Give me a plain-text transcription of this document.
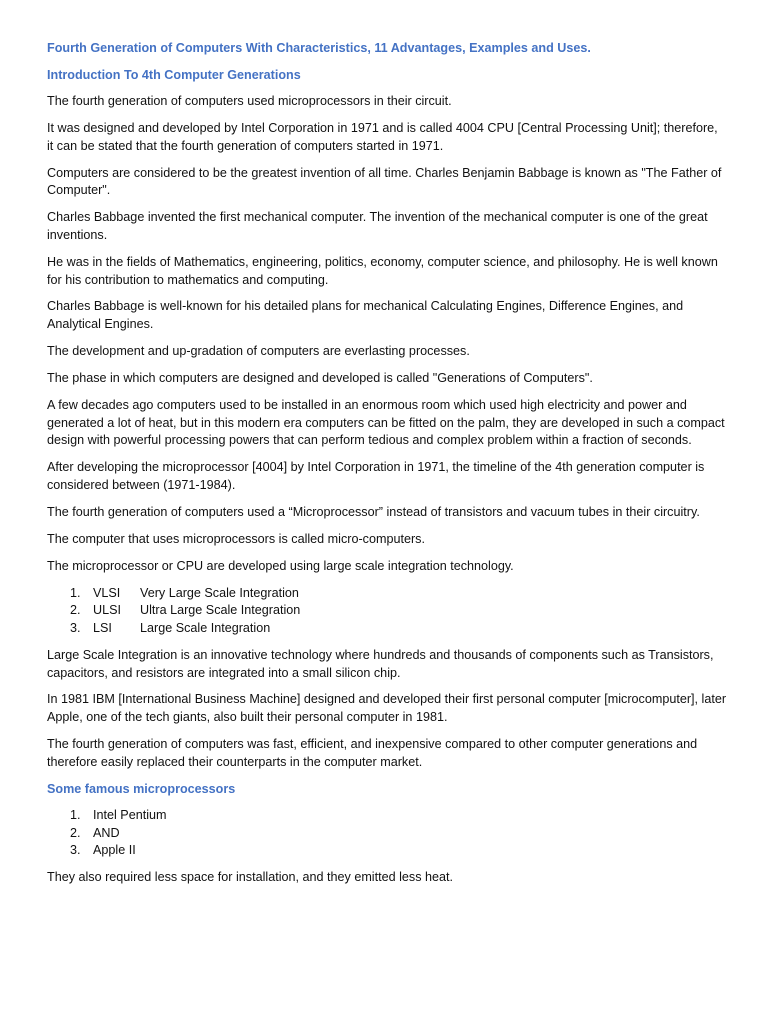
Fourth Generation of Computers With Characteristics, 11 Advantages, Examples and Uses.

Introduction To 4th Computer Generations

The fourth generation of computers used microprocessors in their circuit.

It was designed and developed by Intel Corporation in 1971 and is called 4004 CPU [Central Processing Unit]; therefore, it can be stated that the fourth generation of computers started in 1971.

Computers are considered to be the greatest invention of all time. Charles Benjamin Babbage is known as "The Father of Computer".

Charles Babbage invented the first mechanical computer. The invention of the mechanical computer is one of the great inventions.

He was in the fields of Mathematics, engineering, politics, economy, computer science, and philosophy. He is well known for his contribution to mathematics and computing.

Charles Babbage is well-known for his detailed plans for mechanical Calculating Engines, Difference Engines, and Analytical Engines.

The development and up-gradation of computers are everlasting processes.

The phase in which computers are designed and developed is called "Generations of Computers".

A few decades ago computers used to be installed in an enormous room which used high electricity and power and generated a lot of heat, but in this modern era computers can be fitted on the palm, they are developed in such a compact design with powerful processing powers that can perform tedious and complex problem within a fraction of seconds.

After developing the microprocessor [4004] by Intel Corporation in 1971, the timeline of the 4th generation computer is considered between (1971-1984).

The fourth generation of computers used a “Microprocessor” instead of transistors and vacuum tubes in their circuitry.

The computer that uses microprocessors is called micro-computers.

The microprocessor or CPU are developed using large scale integration technology.

1. VLSI Very Large Scale Integration
2. ULSI Ultra Large Scale Integration
3. LSI Large Scale Integration

Large Scale Integration is an innovative technology where hundreds and thousands of components such as Transistors, capacitors, and resistors are integrated into a small silicon chip.

In 1981 IBM [International Business Machine] designed and developed their first personal computer [microcomputer], later Apple, one of the tech giants, also built their personal computer in 1981.

The fourth generation of computers was fast, efficient, and inexpensive compared to other computer generations and therefore easily replaced their counterparts in the computer market.

Some famous microprocessors

1. Intel Pentium
2. AND
3. Apple II

They also required less space for installation, and they emitted less heat.
